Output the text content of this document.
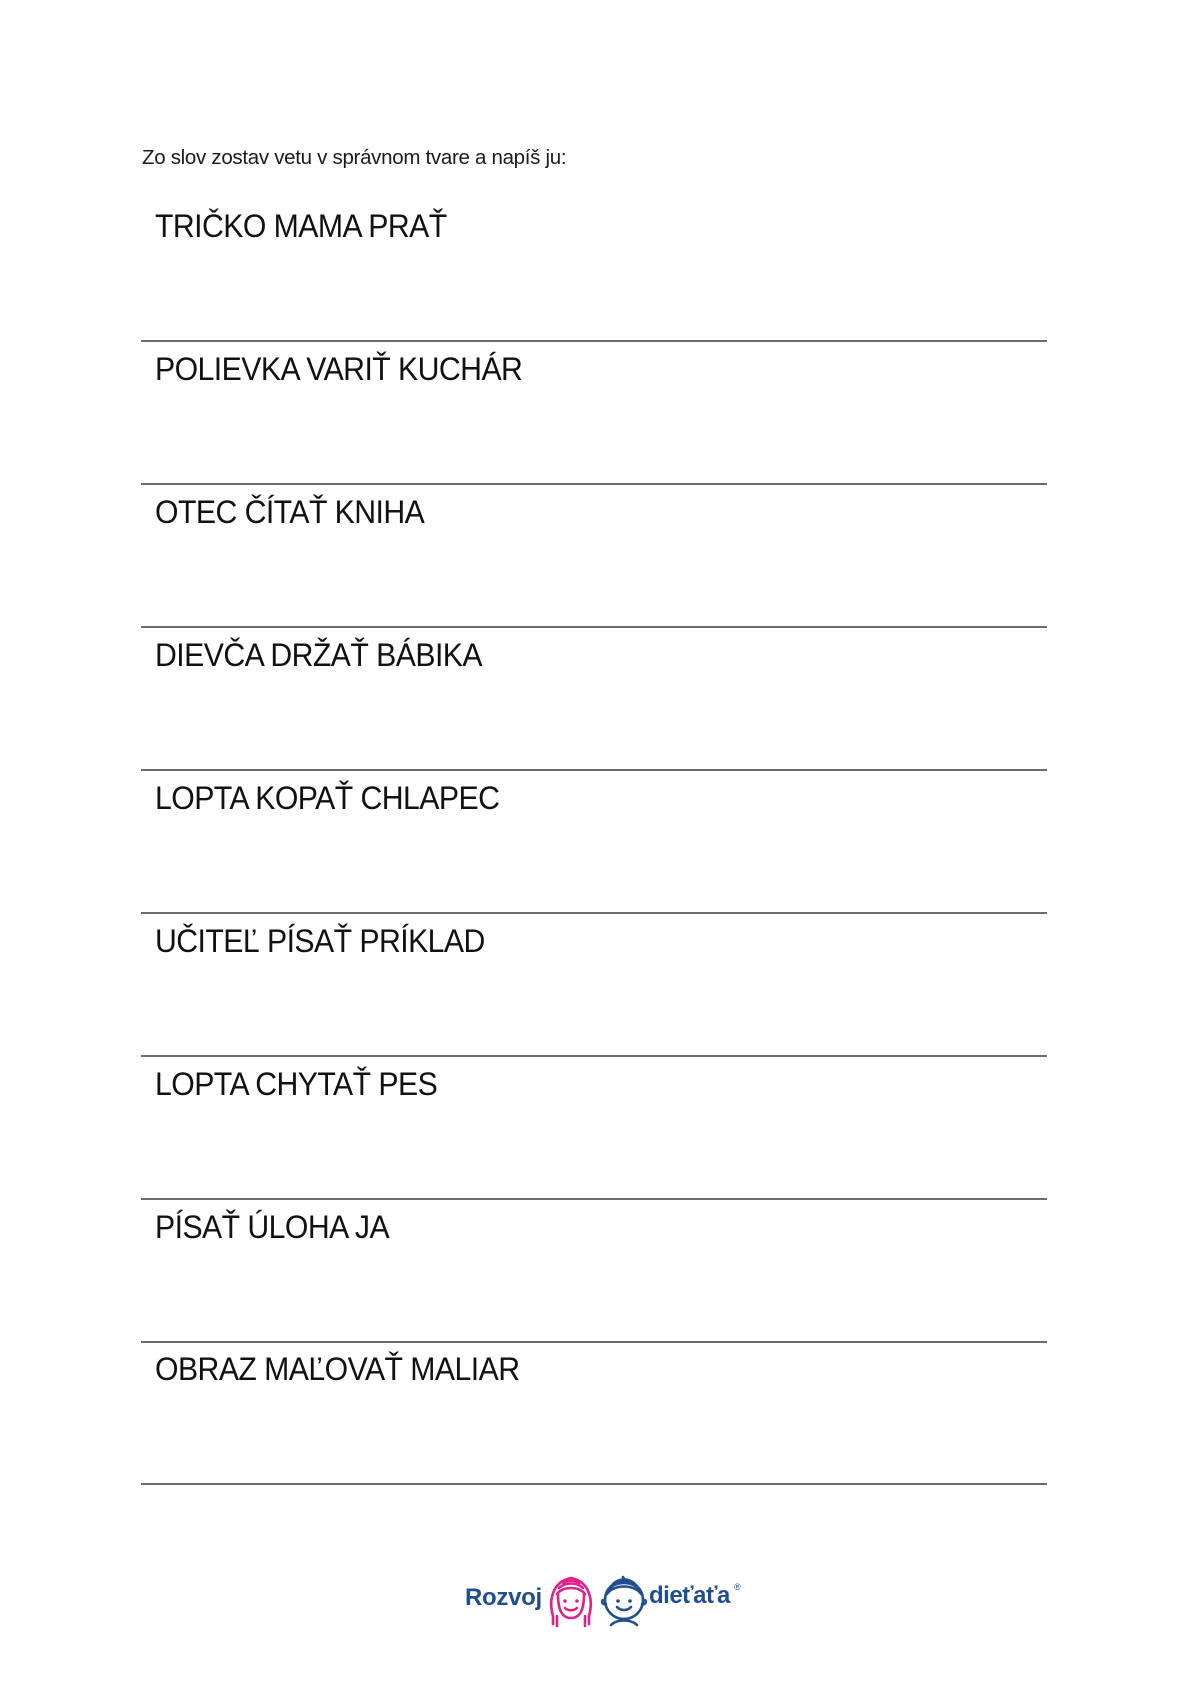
Zo slov zostav vetu v správnom tvare a napíš ju:
TRIČKO MAMA PRAŤ
POLIEVKA VARIŤ KUCHÁR
OTEC ČÍTAŤ KNIHA
DIEVČA DRŽAŤ BÁBIKA
LOPTA KOPAŤ CHLAPEC
UČITEĽ PÍSAŤ PRÍKLAD
LOPTA CHYTAŤ PES
PÍSAŤ ÚLOHA JA
OBRAZ MAĽOVAŤ MALIAR
Rozvoj	dieťaťa ®
